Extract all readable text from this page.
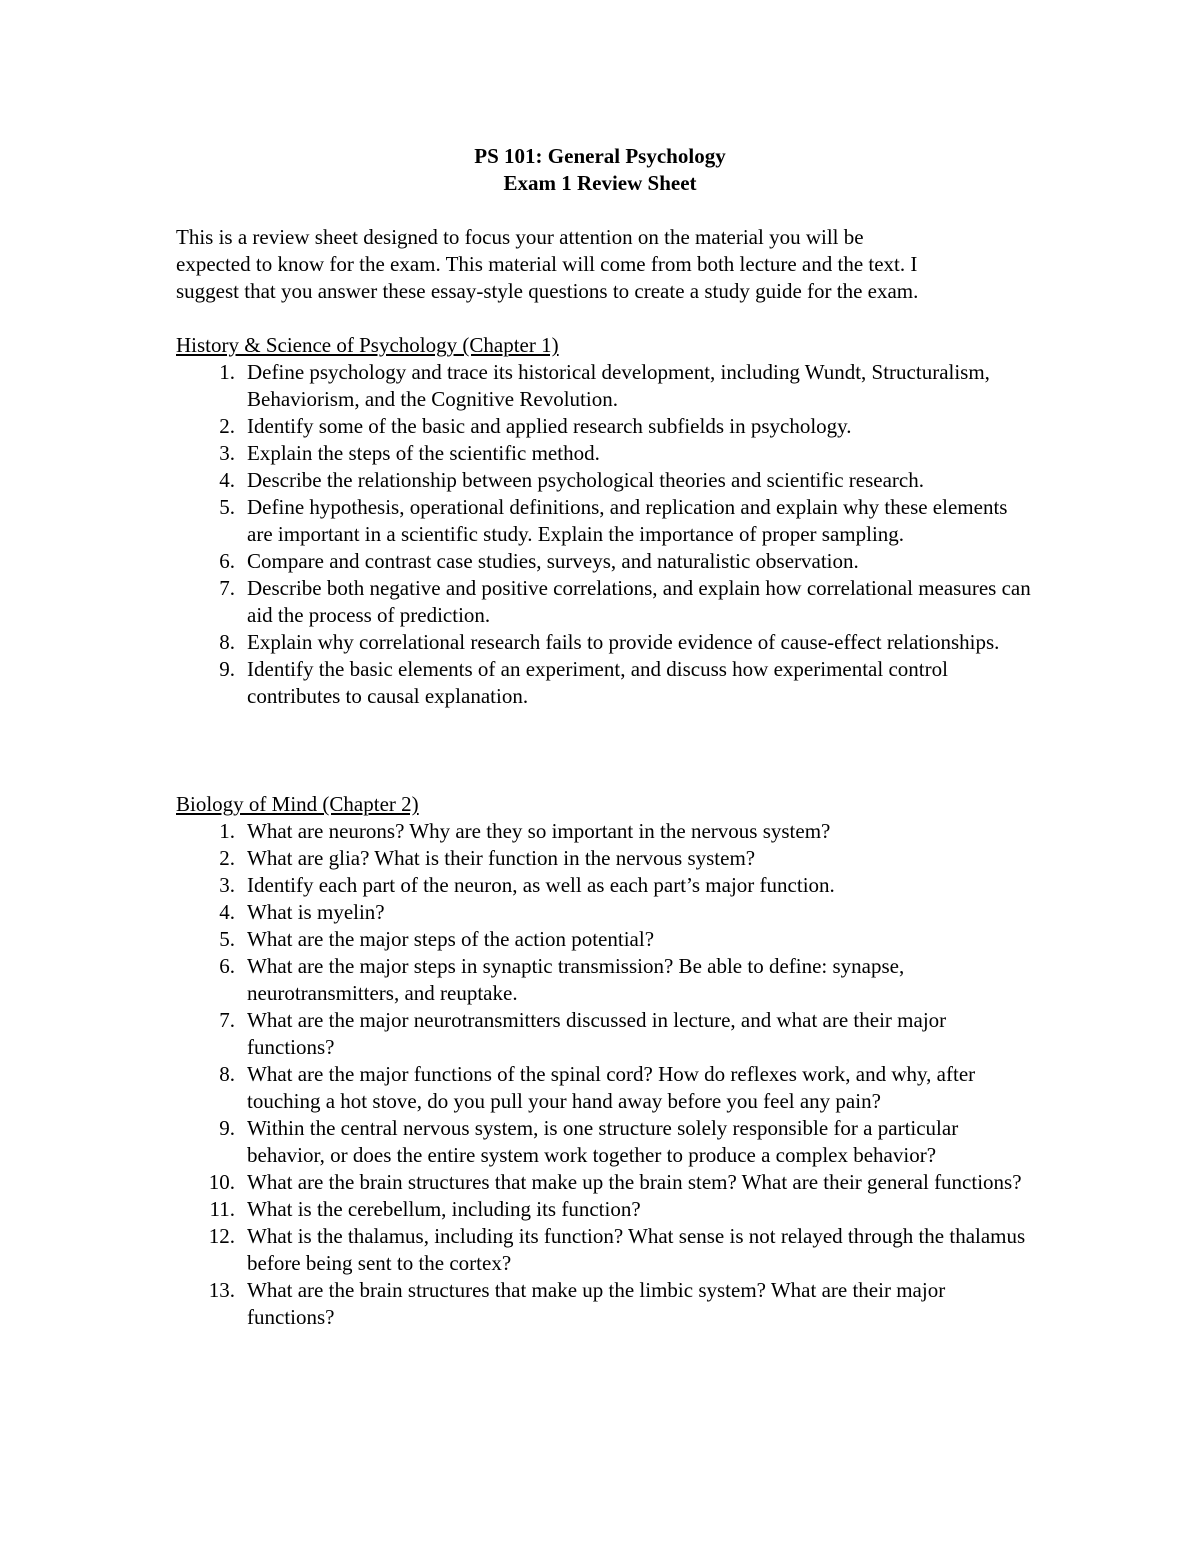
PS 101: General Psychology
Exam 1 Review Sheet

This is a review sheet designed to focus your attention on the material you will be

expected to know for the exam. This material will come from both lecture and the text. I

suggest that you answer these essay-style questions to create a study guide for the exam.

History & Science of Psychology (Chapter 1)
1. Define psychology and trace its historical development, including Wundt, Structuralism, Behaviorism, and the Cognitive Revolution.
2. Identify some of the basic and applied research subfields in psychology.
3. Explain the steps of the scientific method.
4. Describe the relationship between psychological theories and scientific research.
5. Define hypothesis, operational definitions, and replication and explain why these elements are important in a scientific study. Explain the importance of proper sampling.
6. Compare and contrast case studies, surveys, and naturalistic observation.
7. Describe both negative and positive correlations, and explain how correlational measures can aid the process of prediction.
8. Explain why correlational research fails to provide evidence of cause-effect relationships.
9. Identify the basic elements of an experiment, and discuss how experimental control contributes to causal explanation.
Biology of Mind (Chapter 2)
1. What are neurons? Why are they so important in the nervous system?
2. What are glia? What is their function in the nervous system?
3. Identify each part of the neuron, as well as each part’s major function.
4. What is myelin?
5. What are the major steps of the action potential?
6. What are the major steps in synaptic transmission? Be able to define: synapse, neurotransmitters, and reuptake.
7. What are the major neurotransmitters discussed in lecture, and what are their major functions?
8. What are the major functions of the spinal cord? How do reflexes work, and why, after touching a hot stove, do you pull your hand away before you feel any pain?
9. Within the central nervous system, is one structure solely responsible for a particular behavior, or does the entire system work together to produce a complex behavior?
10. What are the brain structures that make up the brain stem? What are their general functions?
11. What is the cerebellum, including its function?
12. What is the thalamus, including its function? What sense is not relayed through the thalamus before being sent to the cortex?
13. What are the brain structures that make up the limbic system? What are their major functions?
